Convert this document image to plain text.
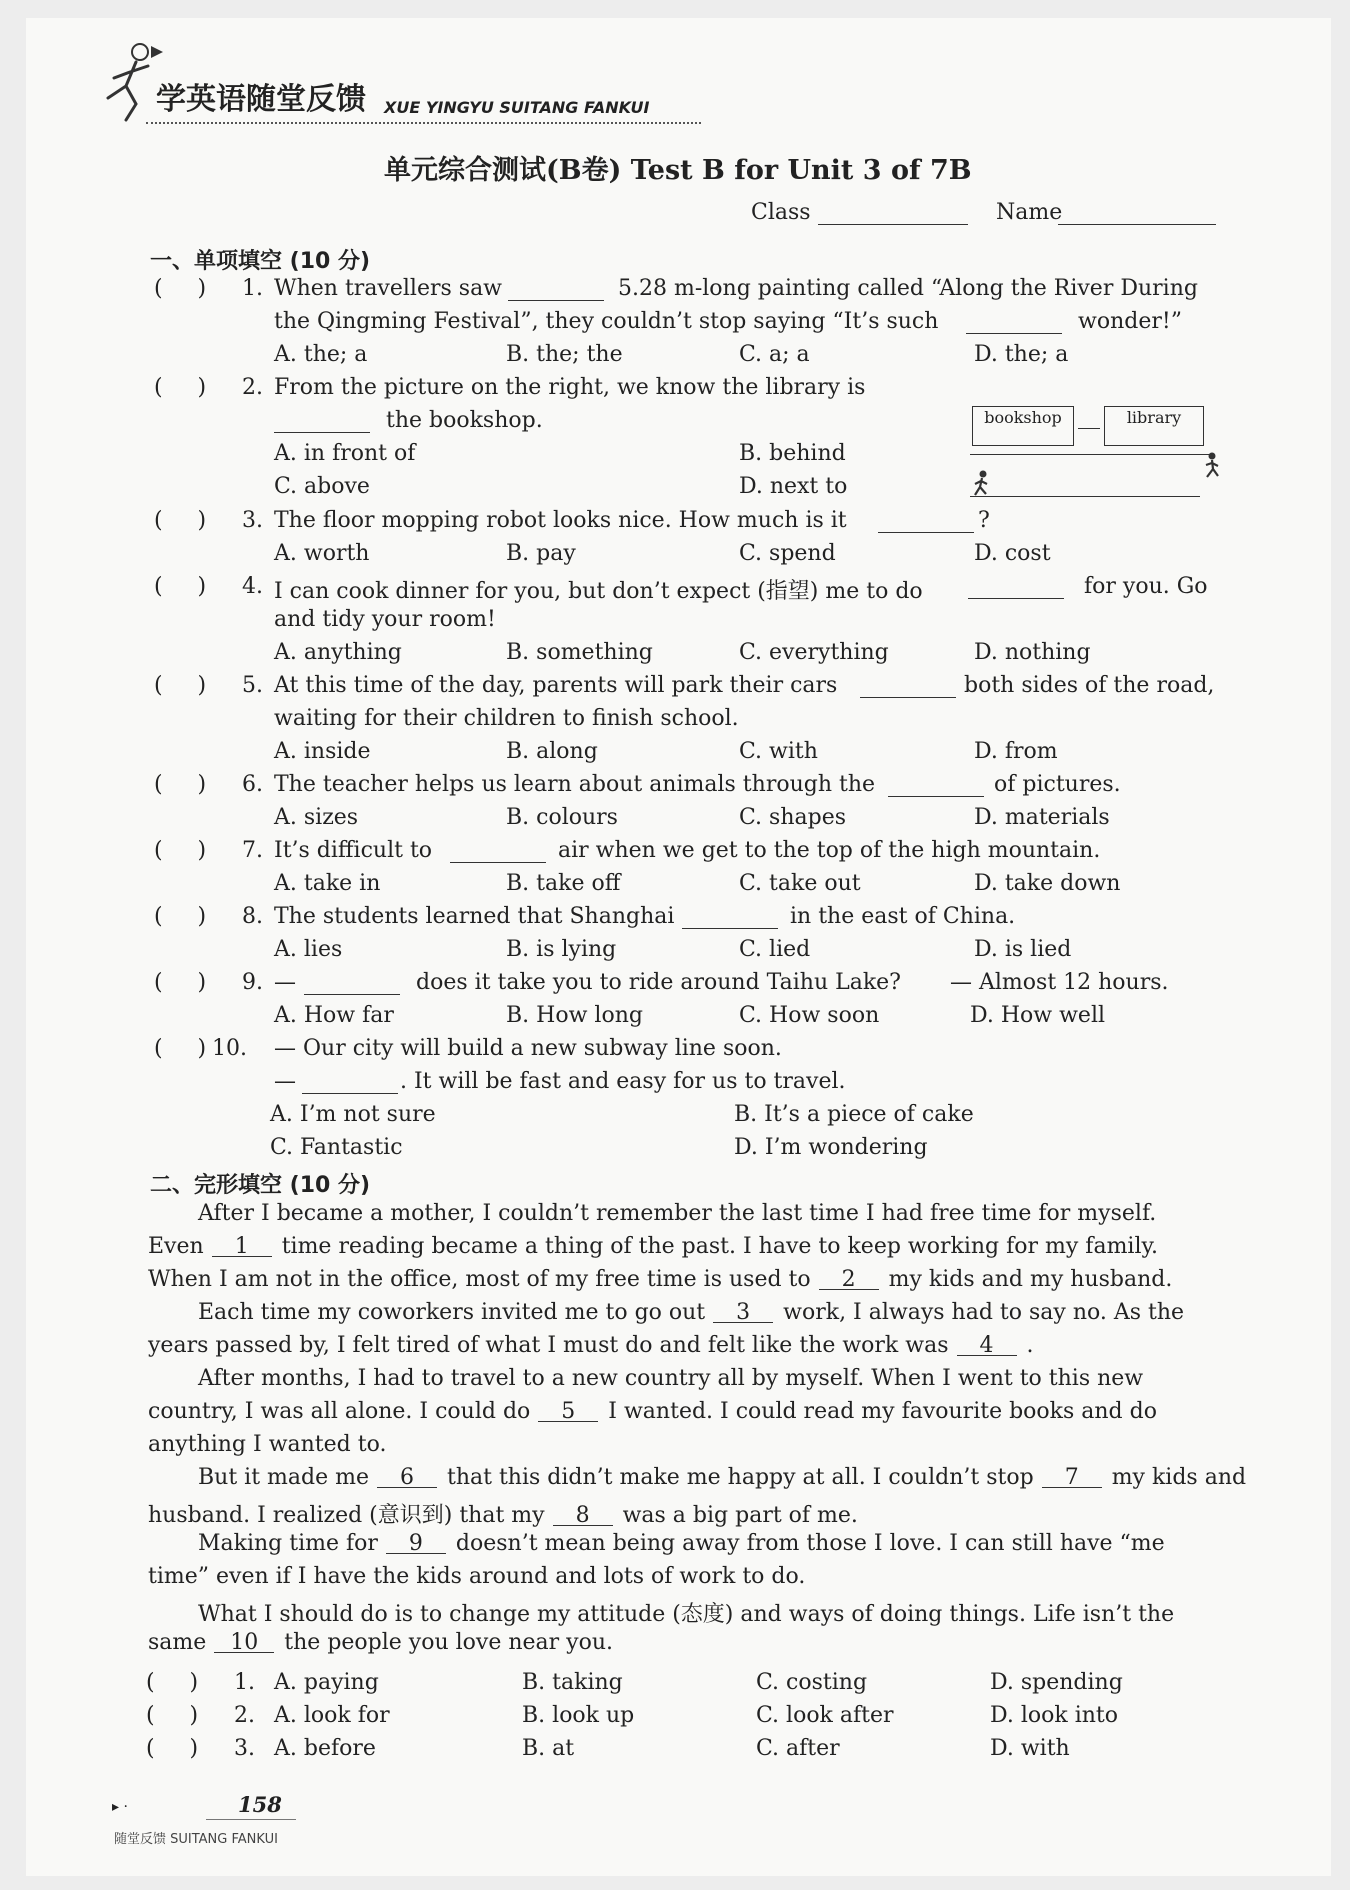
学英语随堂反馈 XUE YINGYU SUITANG FANKUI
单元综合测试(B卷) Test B for Unit 3 of 7B
Class	Name
一、单项填空 (10 分)
(     ) 1. When travellers saw	5.28 m-long painting called “Along the River During
the Qingming Festival”, they couldn’t stop saying “It’s such	wonder!”
A. the; a	B. the; the	C. a; a	D. the; a
(     ) 2. From the picture on the right, we know the library is
the bookshop.
A. in front of	B. behind
C. above	D. next to
bookshop	library
(     ) 3. The floor mopping robot looks nice. How much is it	?
A. worth	B. pay	C. spend	D. cost
(     ) 4. I can cook dinner for you, but don’t expect (指望) me to do	for you. Go
and tidy your room!
A. anything	B. something	C. everything	D. nothing
(     ) 5. At this time of the day, parents will park their cars	both sides of the road,
waiting for their children to finish school.
A. inside	B. along	C. with	D. from
(     ) 6. The teacher helps us learn about animals through the	of pictures.
A. sizes	B. colours	C. shapes	D. materials
(     ) 7. It’s difficult to	air when we get to the top of the high mountain.
A. take in	B. take off	C. take out	D. take down
(     ) 8. The students learned that Shanghai	in the east of China.
A. lies	B. is lying	C. lied	D. is lied
(     ) 9. —	does it take you to ride around Taihu Lake? — Almost 12 hours.
A. How far	B. How long	C. How soon	D. How well
(     ) 10. — Our city will build a new subway line soon.
—	. It will be fast and easy for us to travel.
A. I’m not sure	B. It’s a piece of cake
C. Fantastic	D. I’m wondering
二、完形填空 (10 分)
▸ ·	158
随堂反馈 SUITANG FANKUI
After I became a mother, I couldn’t remember the last time I had free time for myself.
Even 1 time reading became a thing of the past. I have to keep working for my family.
When I am not in the office, most of my free time is used to 2 my kids and my husband.
Each time my coworkers invited me to go out 3 work, I always had to say no. As the
years passed by, I felt tired of what I must do and felt like the work was 4 .
After months, I had to travel to a new country all by myself. When I went to this new
country, I was all alone. I could do 5 I wanted. I could read my favourite books and do
anything I wanted to.
But it made me 6 that this didn’t make me happy at all. I couldn’t stop 7 my kids and
husband. I realized (意识到) that my 8 was a big part of me.
Making time for 9 doesn’t mean being away from those I love. I can still have “me
time” even if I have the kids around and lots of work to do.
What I should do is to change my attitude (态度) and ways of doing things. Life isn’t the
same 10 the people you love near you.
(     ) 1. A. paying	B. taking	C. costing	D. spending
(     ) 2. A. look for	B. look up	C. look after	D. look into
(     ) 3. A. before	B. at	C. after	D. with
